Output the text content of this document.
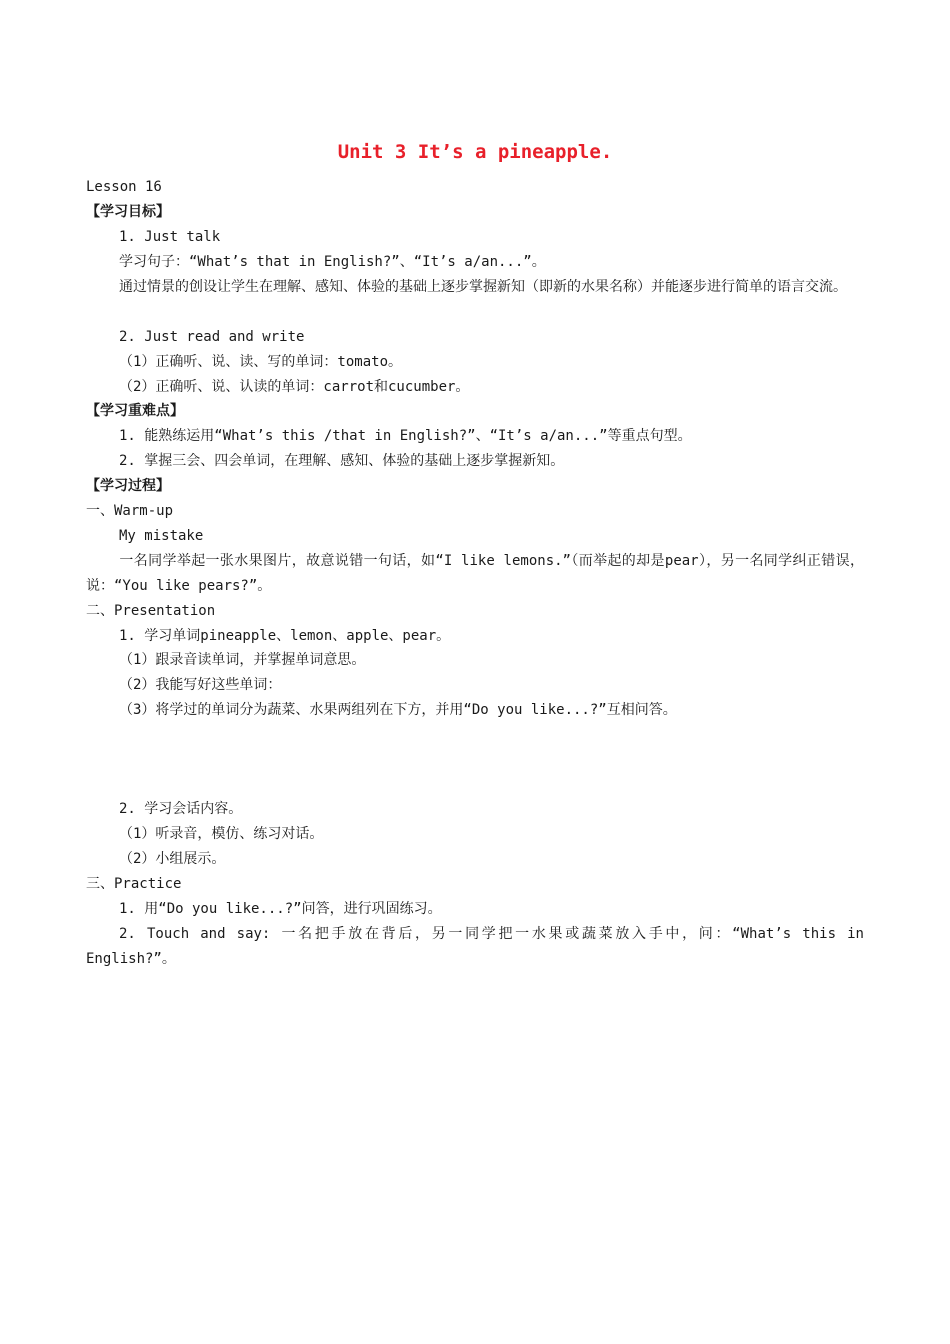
Unit 3 It’s a pineapple.
Lesson 16
【学习目标】
1. Just talk
学习句子：“What’s that in English?”、“It’s a/an...”。
通过情景的创设让学生在理解、感知、体验的基础上逐步掌握新知（即新的水果名称）并能逐步进行简单的语言交流。
2. Just read and write
（1）正确听、说、读、写的单词：tomato。
（2）正确听、说、认读的单词：carrot和cucumber。
【学习重难点】
1. 能熟练运用“What’s this /that in English?”、“It’s a/an...”等重点句型。
2. 掌握三会、四会单词，在理解、感知、体验的基础上逐步掌握新知。
【学习过程】
一、Warm-up
My mistake
一名同学举起一张水果图片，故意说错一句话，如“I like lemons.”（而举起的却是pear），另一名同学纠正错误，说：“You like pears?”。
二、Presentation
1. 学习单词pineapple、lemon、apple、pear。
（1）跟录音读单词，并掌握单词意思。
（2）我能写好这些单词：
（3）将学过的单词分为蔬菜、水果两组列在下方，并用“Do you like...?”互相问答。
2. 学习会话内容。
（1）听录音，模仿、练习对话。
（2）小组展示。
三、Practice
1. 用“Do you like...?”问答，进行巩固练习。
2. Touch and say: 一名把手放在背后，另一同学把一水果或蔬菜放入手中，问：“What’s this in English?”。
